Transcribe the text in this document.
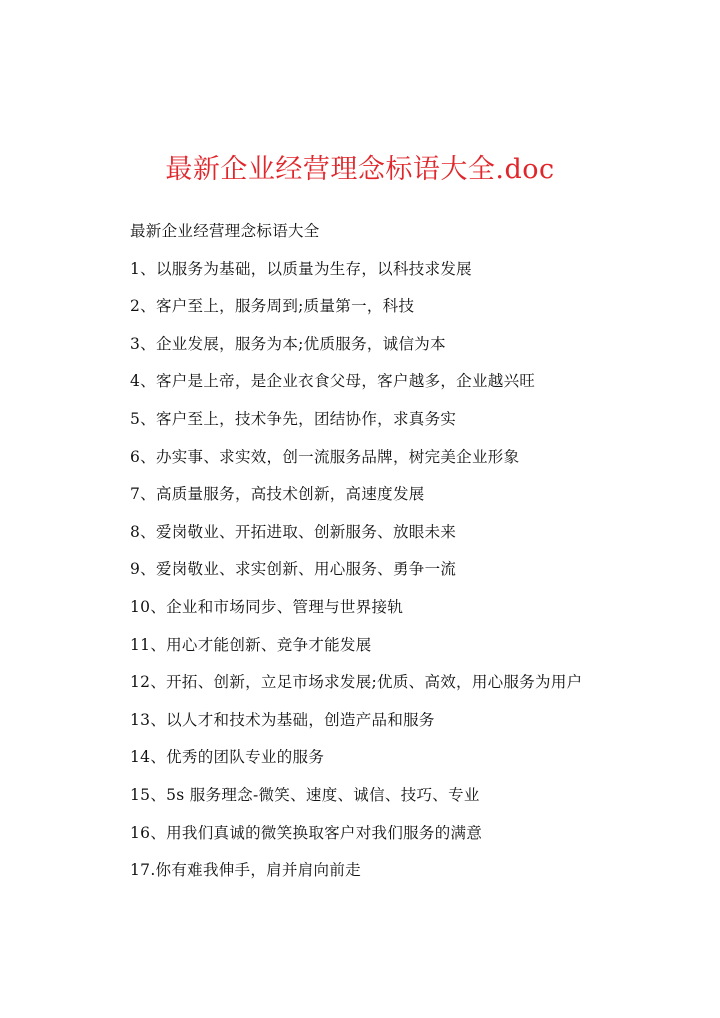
最新企业经营理念标语大全.doc
最新企业经营理念标语大全
1、以服务为基础，以质量为生存，以科技求发展
2、客户至上，服务周到;质量第一，科技
3、企业发展，服务为本;优质服务，诚信为本
4、客户是上帝，是企业衣食父母，客户越多，企业越兴旺
5、客户至上，技术争先，团结协作，求真务实
6、办实事、求实效，创一流服务品牌，树完美企业形象
7、高质量服务，高技术创新，高速度发展
8、爱岗敬业、开拓进取、创新服务、放眼未来
9、爱岗敬业、求实创新、用心服务、勇争一流
10、企业和市场同步、管理与世界接轨
11、用心才能创新、竞争才能发展
12、开拓、创新，立足市场求发展;优质、高效，用心服务为用户
13、以人才和技术为基础，创造产品和服务
14、优秀的团队专业的服务
15、5s 服务理念-微笑、速度、诚信、技巧、专业
16、用我们真诚的微笑换取客户对我们服务的满意
17.你有难我伸手，肩并肩向前走
